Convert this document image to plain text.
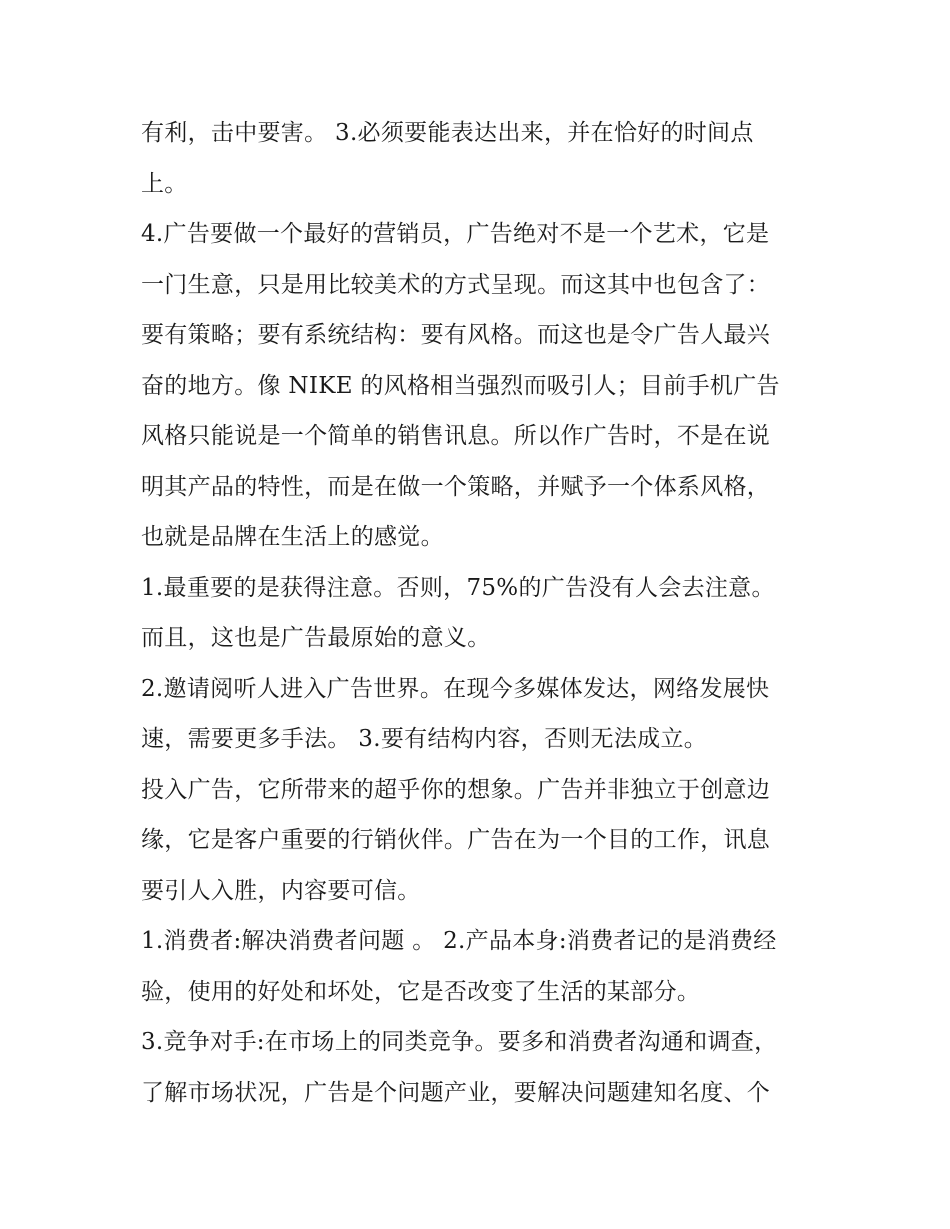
有利，击中要害。 3.必须要能表达出来，并在恰好的时间点
上。

4.广告要做一个最好的营销员，广告绝对不是一个艺术，它是
一门生意，只是用比较美术的方式呈现。而这其中也包含了：
要有策略；要有系统结构：要有风格。而这也是令广告人最兴
奋的地方。像 NIKE 的风格相当强烈而吸引人；目前手机广告
风格只能说是一个简单的销售讯息。所以作广告时，不是在说
明其产品的特性，而是在做一个策略，并赋予一个体系风格，
也就是品牌在生活上的感觉。

1.最重要的是获得注意。否则，75%的广告没有人会去注意。
而且，这也是广告最原始的意义。

2.邀请阅听人进入广告世界。在现今多媒体发达，网络发展快
速，需要更多手法。 3.要有结构内容，否则无法成立。

投入广告，它所带来的超乎你的想象。广告并非独立于创意边
缘，它是客户重要的行销伙伴。广告在为一个目的工作，讯息
要引人入胜，内容要可信。

1.消费者:解决消费者问题 。 2.产品本身:消费者记的是消费经
验，使用的好处和坏处，它是否改变了生活的某部分。

3.竞争对手:在市场上的同类竞争。要多和消费者沟通和调查，
了解市场状况，广告是个问题产业，要解决问题建知名度、个
